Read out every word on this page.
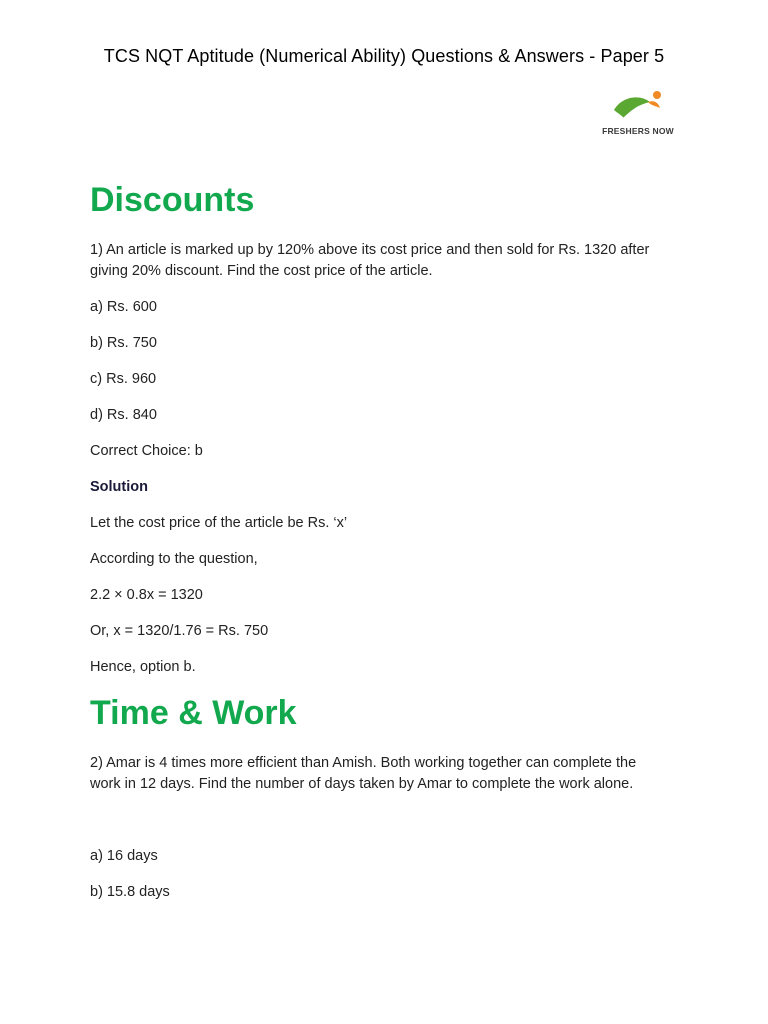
TCS NQT Aptitude (Numerical Ability) Questions & Answers - Paper 5
FRESHERS NOW
Discounts
1) An article is marked up by 120% above its cost price and then sold for Rs. 1320 after
giving 20% discount. Find the cost price of the article.
a) Rs. 600
b) Rs. 750
c) Rs. 960
d) Rs. 840
Correct Choice: b
Solution
Let the cost price of the article be Rs. ‘x’
According to the question,
2.2 × 0.8x = 1320
Or, x = 1320/1.76 = Rs. 750
Hence, option b.
Time & Work
2) Amar is 4 times more efficient than Amish. Both working together can complete the
work in 12 days. Find the number of days taken by Amar to complete the work alone.
a) 16 days
b) 15.8 days
